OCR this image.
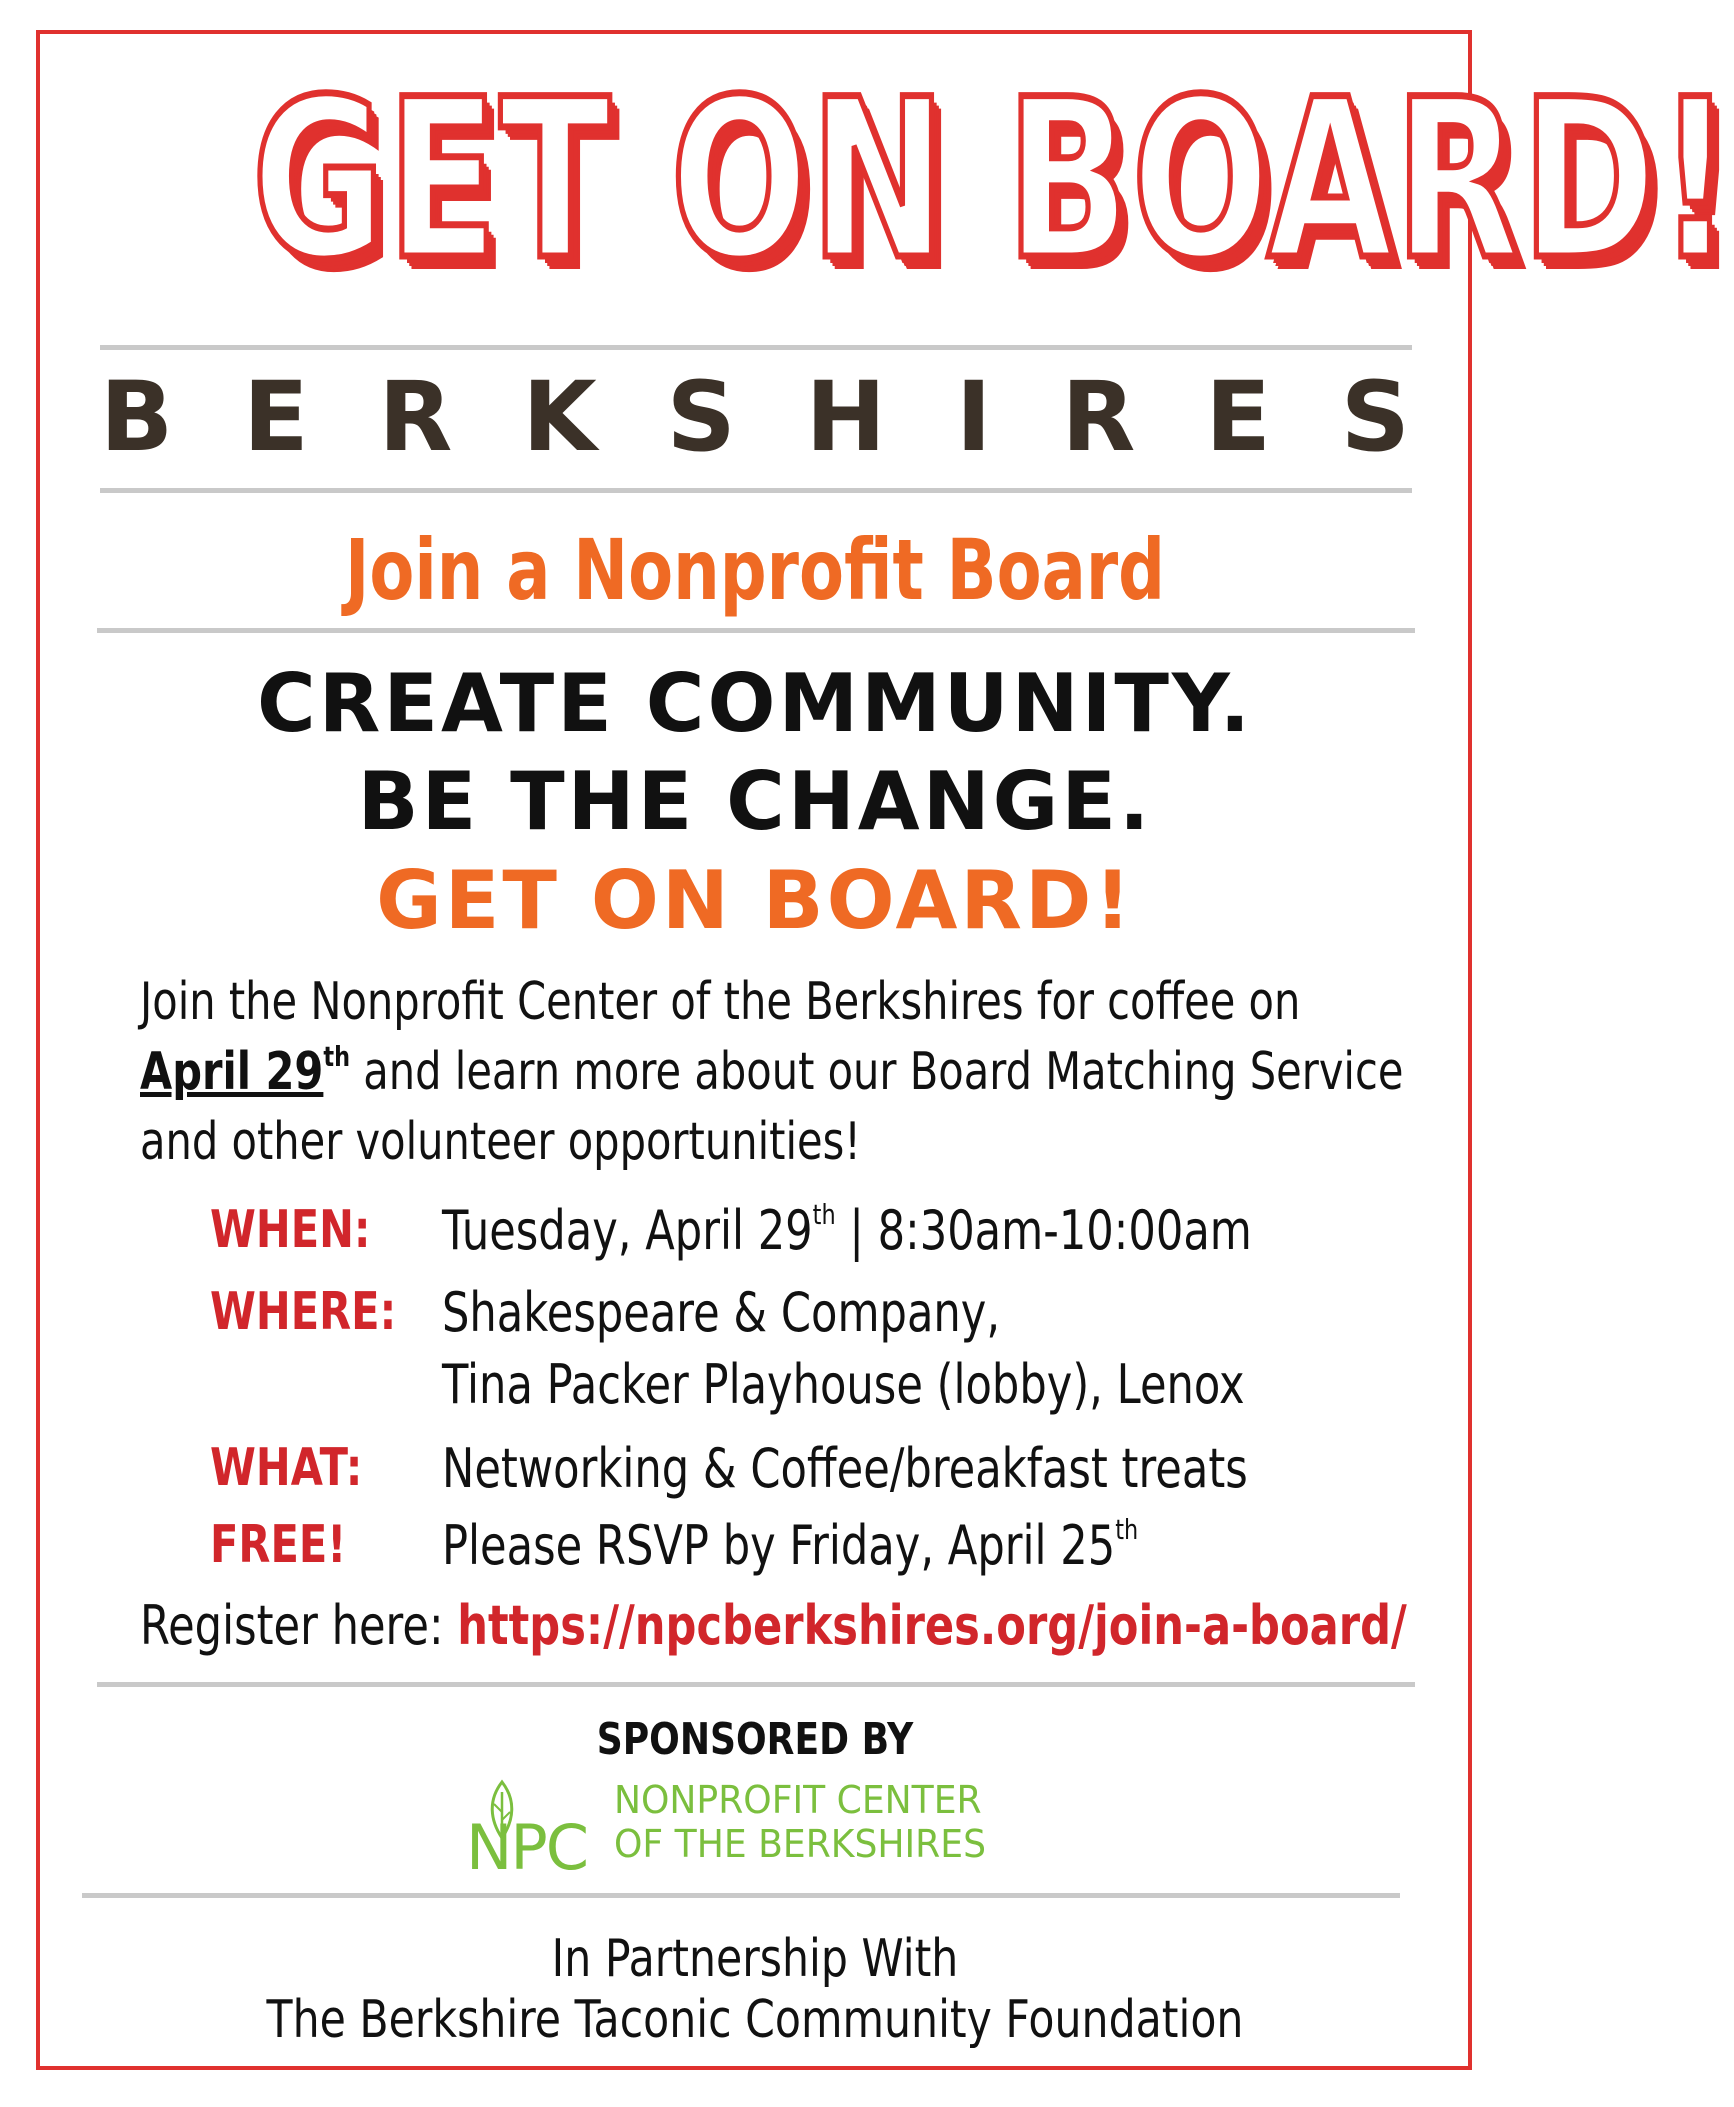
GET ON BOARD!
B E R K S H I R E S
Join a Nonprofit Board
CREATE COMMUNITY.
BE THE CHANGE.
GET ON BOARD!
Join the Nonprofit Center of the Berkshires for coffee on
April 29th and learn more about our Board Matching Service
and other volunteer opportunities!
WHEN: Tuesday, April 29th | 8:30am-10:00am
WHERE: Shakespeare & Company,
Tina Packer Playhouse (lobby), Lenox
WHAT: Networking & Coffee/breakfast treats
FREE! Please RSVP by Friday, April 25th
Register here: https://npcberkshires.org/join-a-board/
SPONSORED BY
NPC
NONPROFIT CENTER
OF THE BERKSHIRES
In Partnership With
The Berkshire Taconic Community Foundation
